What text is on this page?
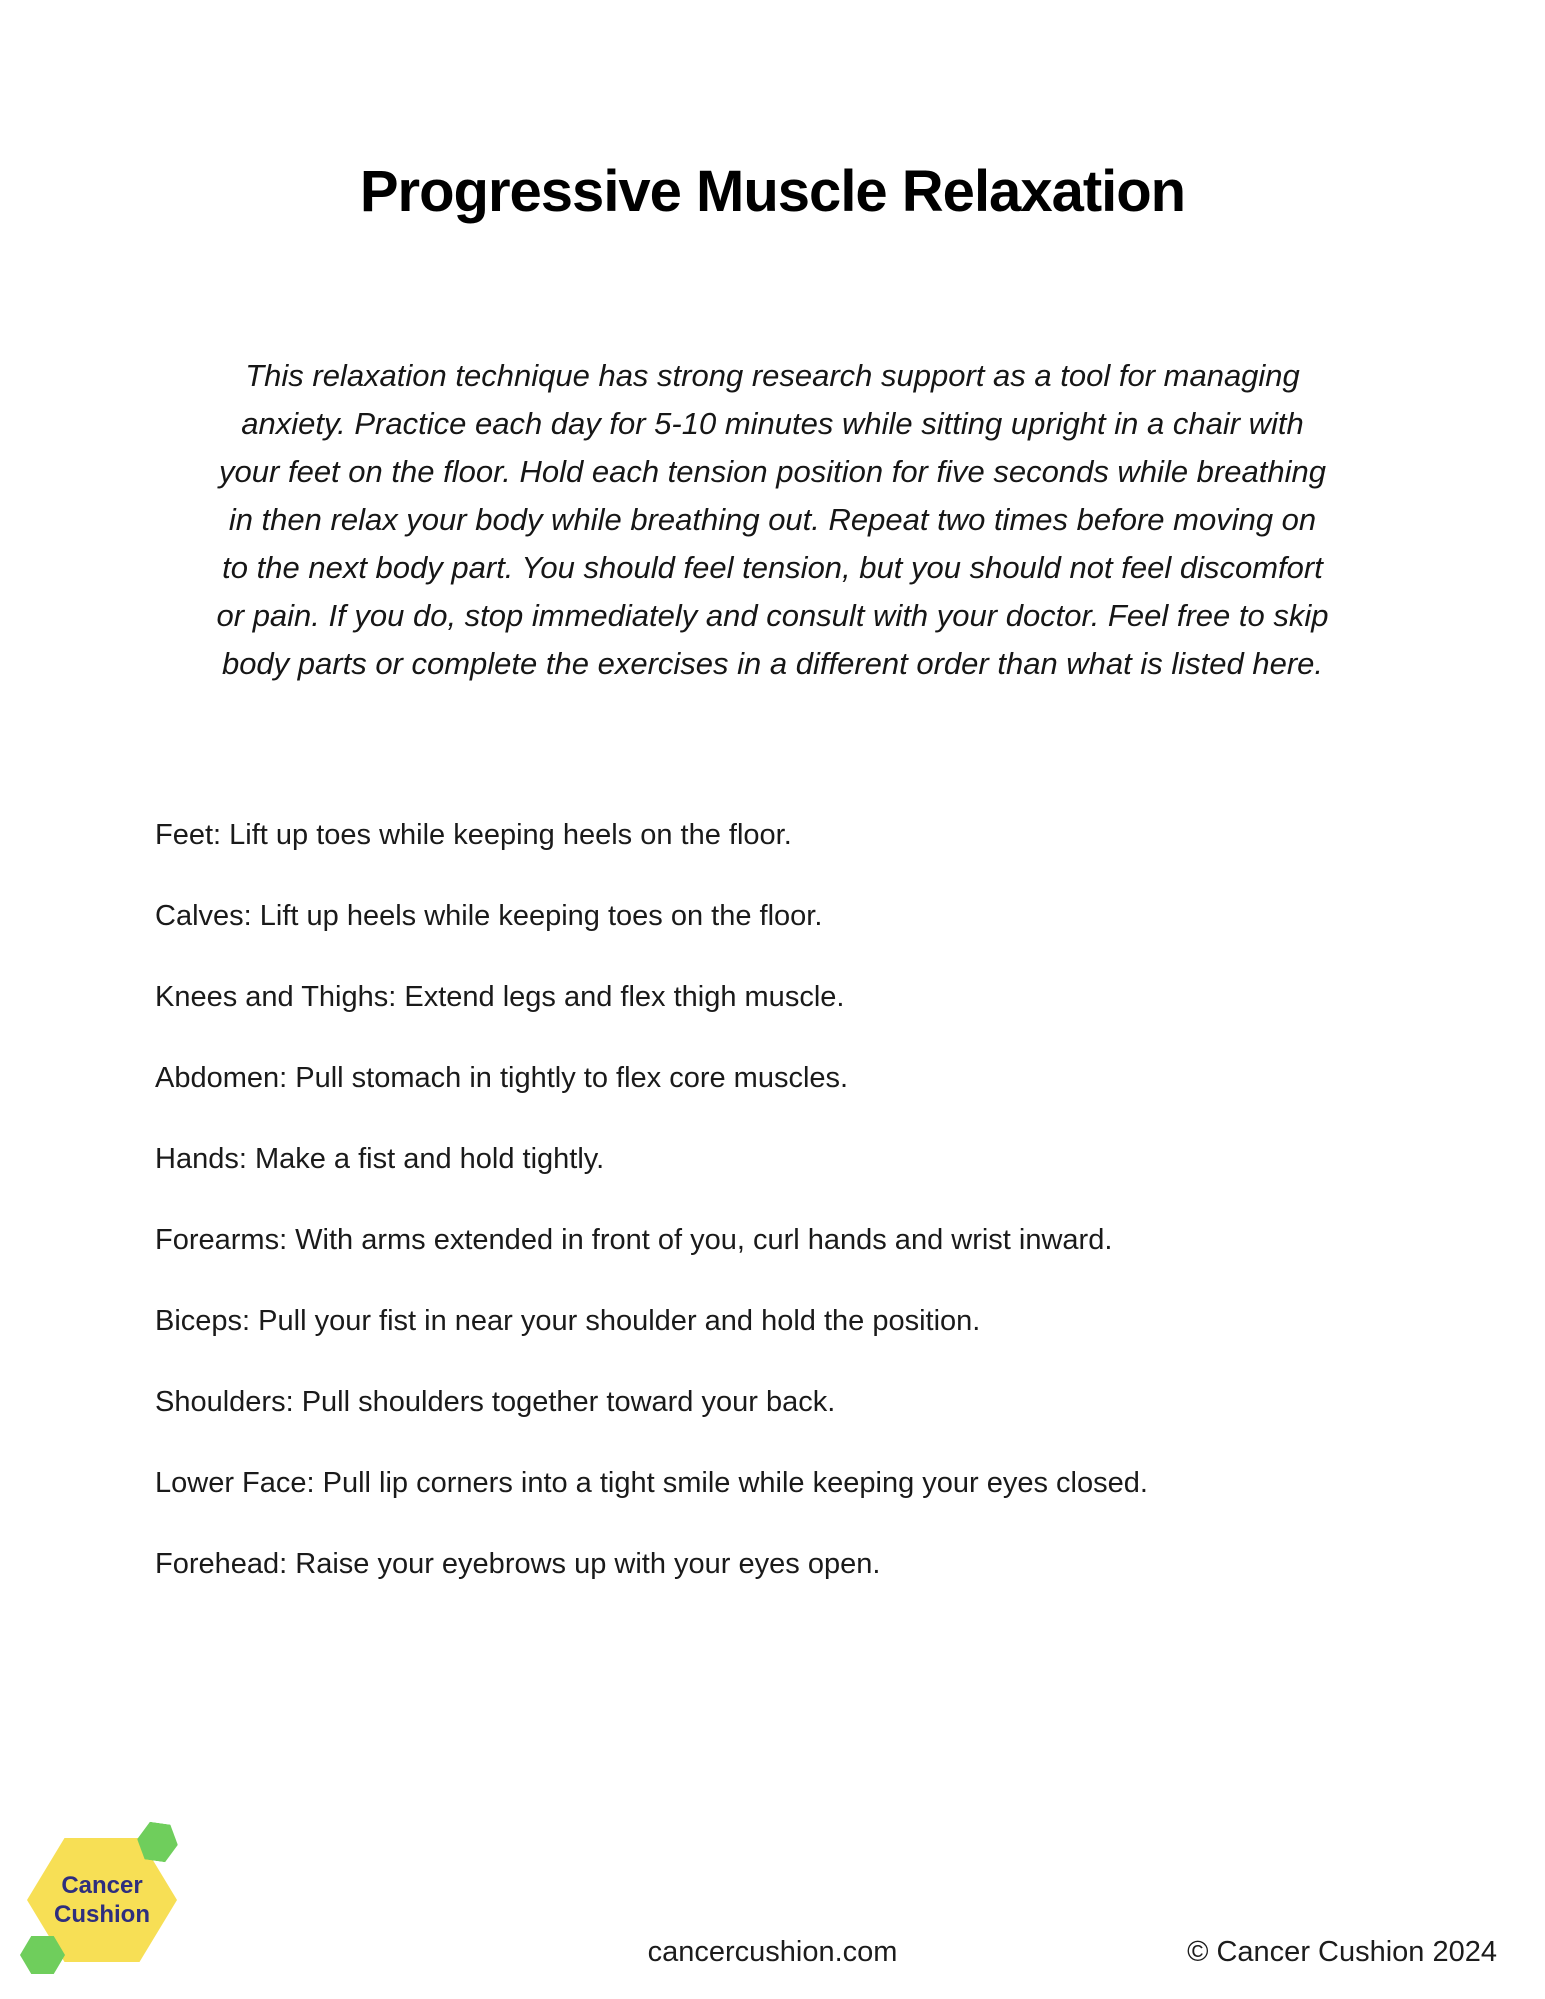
Progressive Muscle Relaxation
This relaxation technique has strong research support as a tool for managing
anxiety. Practice each day for 5-10 minutes while sitting upright in a chair with
your feet on the floor. Hold each tension position for five seconds while breathing
in then relax your body while breathing out. Repeat two times before moving on
to the next body part. You should feel tension, but you should not feel discomfort
or pain. If you do, stop immediately and consult with your doctor. Feel free to skip
body parts or complete the exercises in a different order than what is listed here.
Feet: Lift up toes while keeping heels on the floor.
Calves: Lift up heels while keeping toes on the floor.
Knees and Thighs: Extend legs and flex thigh muscle.
Abdomen: Pull stomach in tightly to flex core muscles.
Hands: Make a fist and hold tightly.
Forearms: With arms extended in front of you, curl hands and wrist inward.
Biceps: Pull your fist in near your shoulder and hold the position.
Shoulders: Pull shoulders together toward your back.
Lower Face: Pull lip corners into a tight smile while keeping your eyes closed.
Forehead: Raise your eyebrows up with your eyes open.
Cancer
Cushion
cancercushion.com	© Cancer Cushion 2024
